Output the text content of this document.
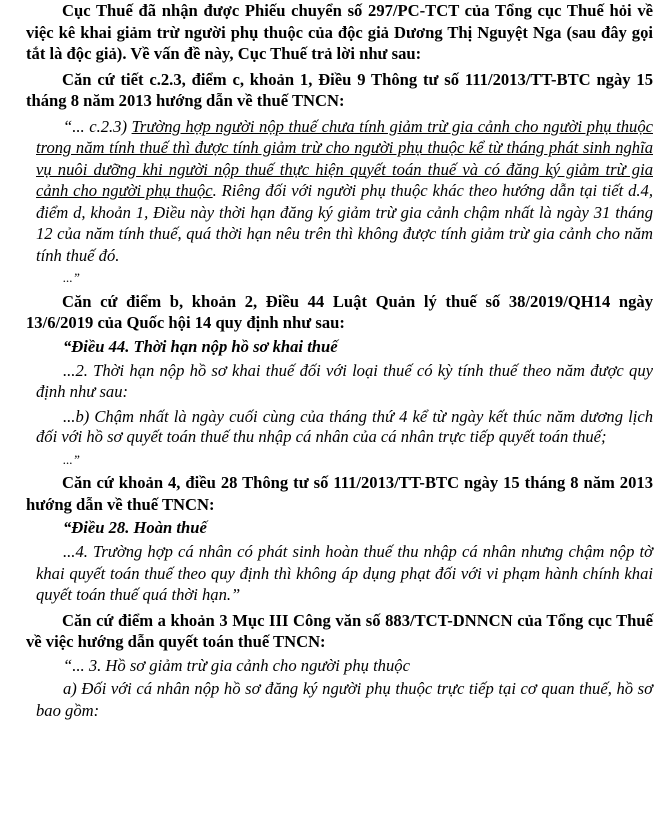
Cục Thuế đã nhận được Phiếu chuyển số 297/PC-TCT của Tổng cục Thuế hỏi về việc kê khai giảm trừ người phụ thuộc của độc giả Dương Thị Nguyệt Nga (sau đây gọi tắt là độc giả). Về vấn đề này, Cục Thuế trả lời như sau:

Căn cứ tiết c.2.3, điểm c, khoản 1, Điều 9 Thông tư số 111/2013/TT-BTC ngày 15 tháng 8 năm 2013 hướng dẫn về thuế TNCN:

“... c.2.3) Trường hợp người nộp thuế chưa tính giảm trừ gia cảnh cho người phụ thuộc trong năm tính thuế thì được tính giảm trừ cho người phụ thuộc kể từ tháng phát sinh nghĩa vụ nuôi dưỡng khi người nộp thuế thực hiện quyết toán thuế và có đăng ký giảm trừ gia cảnh cho người phụ thuộc. Riêng đối với người phụ thuộc khác theo hướng dẫn tại tiết d.4, điểm d, khoản 1, Điều này thời hạn đăng ký giảm trừ gia cảnh chậm nhất là ngày 31 tháng 12 của năm tính thuế, quá thời hạn nêu trên thì không được tính giảm trừ gia cảnh cho năm tính thuế đó.

...”

Căn cứ điểm b, khoản 2, Điều 44 Luật Quản lý thuế số 38/2019/QH14 ngày 13/6/2019 của Quốc hội 14 quy định như sau:

“Điều 44. Thời hạn nộp hồ sơ khai thuế

...2. Thời hạn nộp hồ sơ khai thuế đối với loại thuế có kỳ tính thuế theo năm được quy định như sau:

...b) Chậm nhất là ngày cuối cùng của tháng thứ 4 kể từ ngày kết thúc năm dương lịch đối với hồ sơ quyết toán thuế thu nhập cá nhân của cá nhân trực tiếp quyết toán thuế;

...”

Căn cứ khoản 4, điều 28 Thông tư số 111/2013/TT-BTC ngày 15 tháng 8 năm 2013 hướng dẫn về thuế TNCN:

“Điều 28. Hoàn thuế

...4. Trường hợp cá nhân có phát sinh hoàn thuế thu nhập cá nhân nhưng chậm nộp tờ khai quyết toán thuế theo quy định thì không áp dụng phạt đối với vi phạm hành chính khai quyết toán thuế quá thời hạn.”

Căn cứ điểm a khoản 3 Mục III Công văn số 883/TCT-DNNCN của Tổng cục Thuế về việc hướng dẫn quyết toán thuế TNCN:

“... 3. Hồ sơ giảm trừ gia cảnh cho người phụ thuộc

a) Đối với cá nhân nộp hồ sơ đăng ký người phụ thuộc trực tiếp tại cơ quan thuế, hồ sơ bao gồm:
